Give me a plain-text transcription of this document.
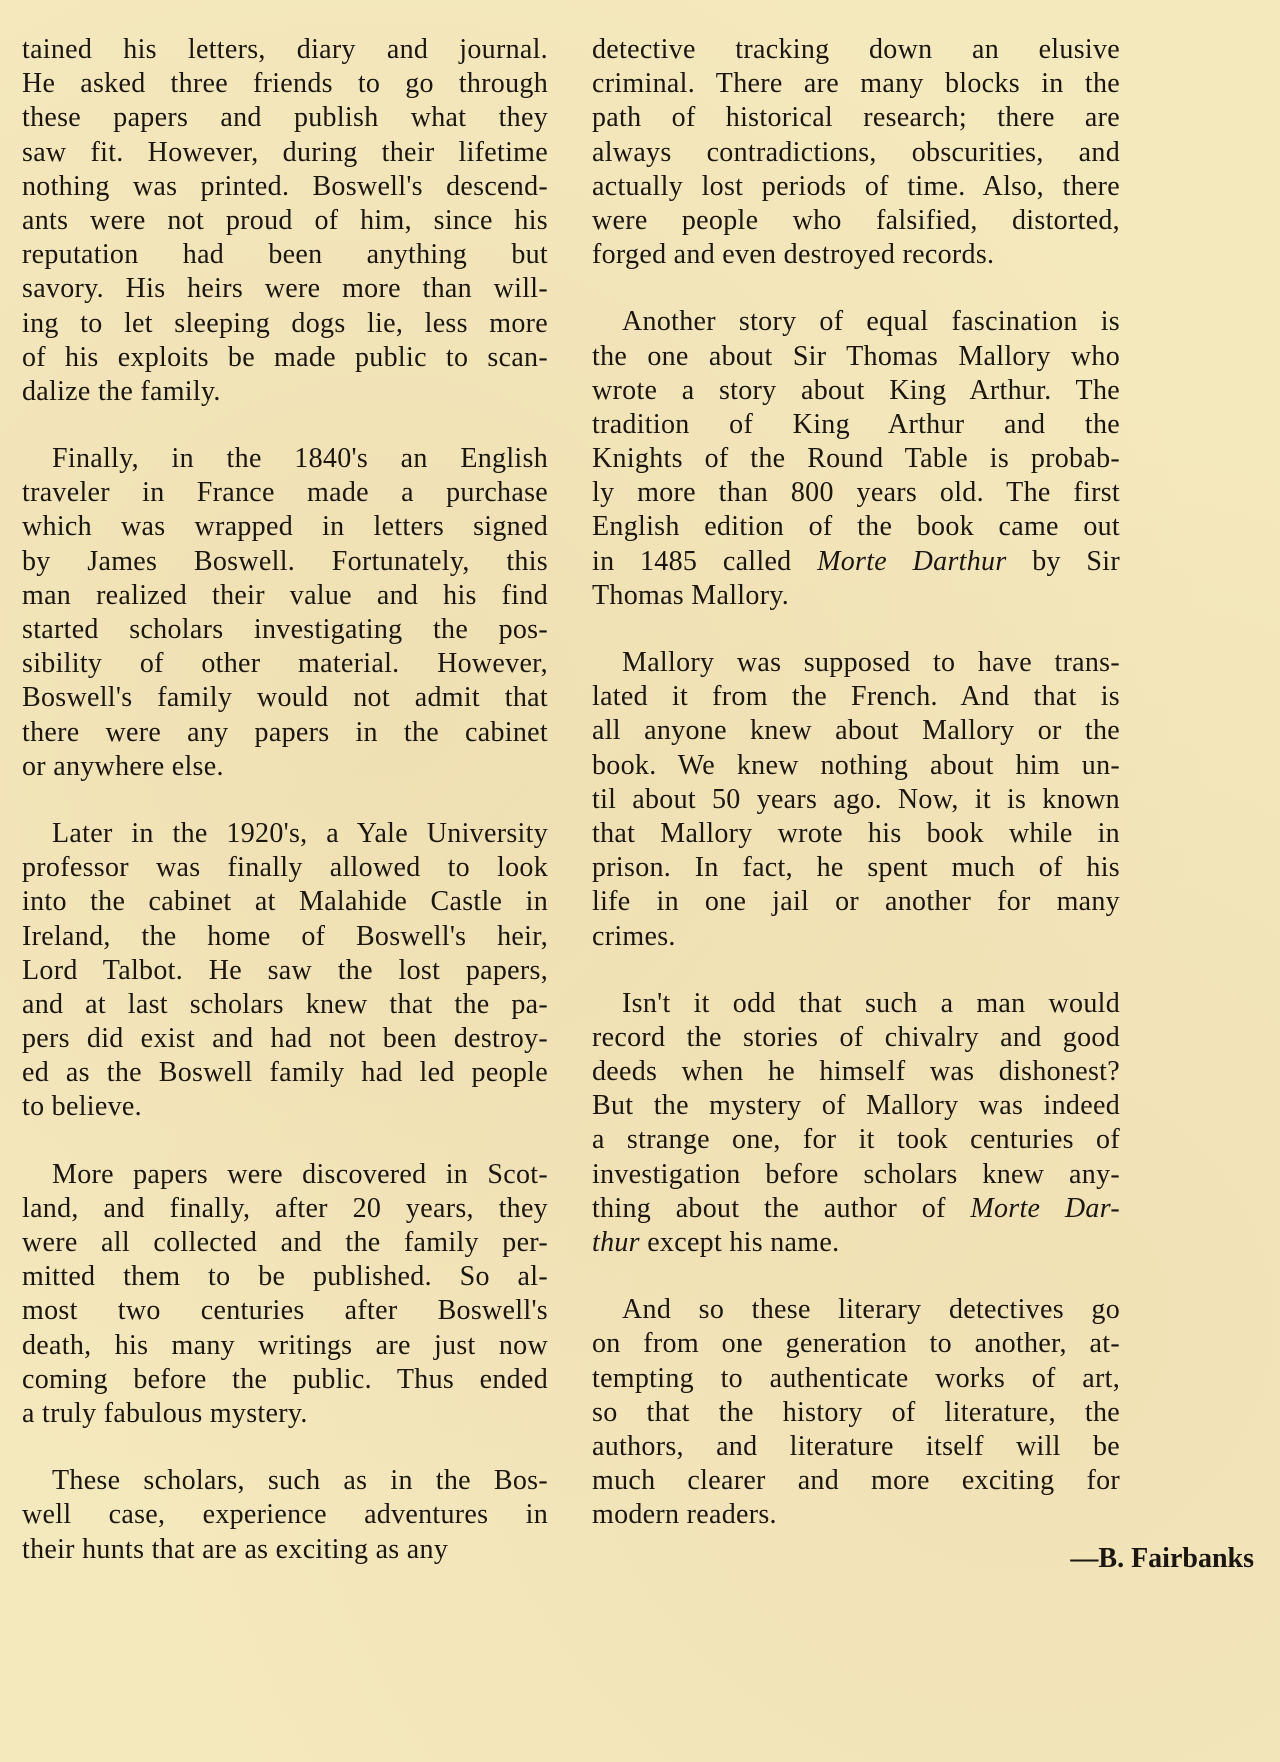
tained his letters, diary and journal.
He asked three friends to go through
these papers and publish what they
saw fit. However, during their lifetime
nothing was printed. Boswell's descend-
ants were not proud of him, since his
reputation had been anything but
savory. His heirs were more than will-
ing to let sleeping dogs lie, less more
of his exploits be made public to scan-
dalize the family.
Finally, in the 1840's an English
traveler in France made a purchase
which was wrapped in letters signed
by James Boswell. Fortunately, this
man realized their value and his find
started scholars investigating the pos-
sibility of other material. However,
Boswell's family would not admit that
there were any papers in the cabinet
or anywhere else.
Later in the 1920's, a Yale University
professor was finally allowed to look
into the cabinet at Malahide Castle in
Ireland, the home of Boswell's heir,
Lord Talbot. He saw the lost papers,
and at last scholars knew that the pa-
pers did exist and had not been destroy-
ed as the Boswell family had led people
to believe.
More papers were discovered in Scot-
land, and finally, after 20 years, they
were all collected and the family per-
mitted them to be published. So al-
most two centuries after Boswell's
death, his many writings are just now
coming before the public. Thus ended
a truly fabulous mystery.
These scholars, such as in the Bos-
well case, experience adventures in
their hunts that are as exciting as any
detective tracking down an elusive
criminal. There are many blocks in the
path of historical research; there are
always contradictions, obscurities, and
actually lost periods of time. Also, there
were people who falsified, distorted,
forged and even destroyed records.
Another story of equal fascination is
the one about Sir Thomas Mallory who
wrote a story about King Arthur. The
tradition of King Arthur and the
Knights of the Round Table is probab-
ly more than 800 years old. The first
English edition of the book came out
in 1485 called Morte Darthur by Sir
Thomas Mallory.
Mallory was supposed to have trans-
lated it from the French. And that is
all anyone knew about Mallory or the
book. We knew nothing about him un-
til about 50 years ago. Now, it is known
that Mallory wrote his book while in
prison. In fact, he spent much of his
life in one jail or another for many
crimes.
Isn't it odd that such a man would
record the stories of chivalry and good
deeds when he himself was dishonest?
But the mystery of Mallory was indeed
a strange one, for it took centuries of
investigation before scholars knew any-
thing about the author of Morte Dar-
thur except his name.
And so these literary detectives go
on from one generation to another, at-
tempting to authenticate works of art,
so that the history of literature, the
authors, and literature itself will be
much clearer and more exciting for
modern readers.
—B. Fairbanks
